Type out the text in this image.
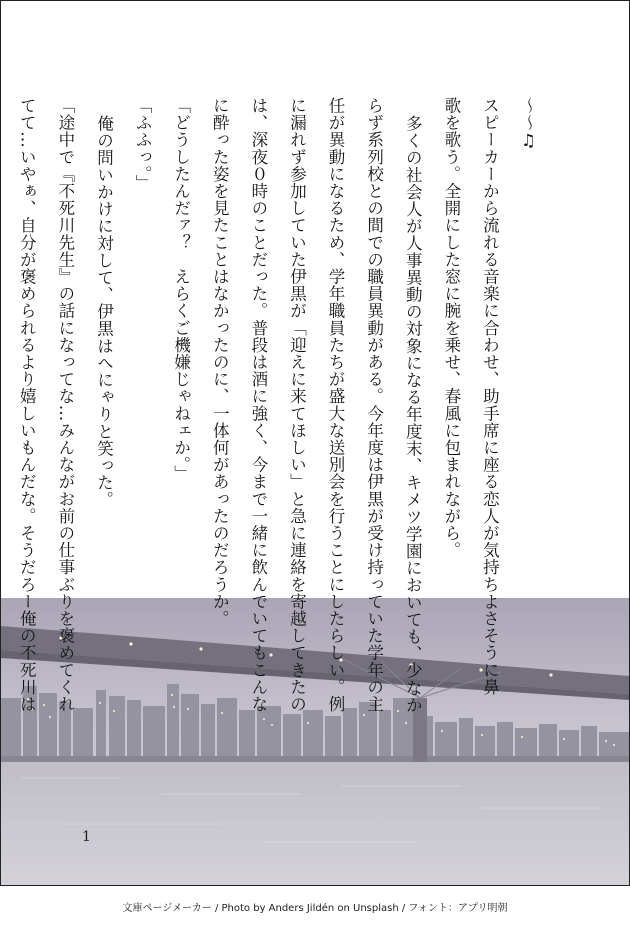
〜〜♫

スピーカーから流れる音楽に合わせ、助手席に座る恋人が気持ちよさそうに鼻

歌を歌う。全開にした窓に腕を乗せ、春風に包まれながら。

多くの社会人が人事異動の対象になる年度末、キメツ学園においても、少なか

らず系列校との間での職員異動がある。今年度は伊黒が受け持っていた学年の主

任が異動になるため、学年職員たちが盛大な送別会を行うことにしたらしい。例

に漏れず参加していた伊黒が「迎えに来てほしい」と急に連絡を寄越してきたの

は、深夜０時のことだった。普段は酒に強く、今まで一緒に飲んでいてもこんな

に酔った姿を見たことはなかったのに、一体何があったのだろうか。

「どうしたんだァ？　えらくご機嫌じゃねェか。」

「ふふっ。」

俺の問いかけに対して、伊黒はへにゃりと笑った。

「途中で『不死川先生』の話になってな…みんながお前の仕事ぶりを褒めてくれ

てて…いやぁ、自分が褒められるより嬉しいもんだな。そうだろー俺の不死川は

1
文庫ページメーカー / Photo by Anders Jildén on Unsplash / フォント：アプリ明朝
